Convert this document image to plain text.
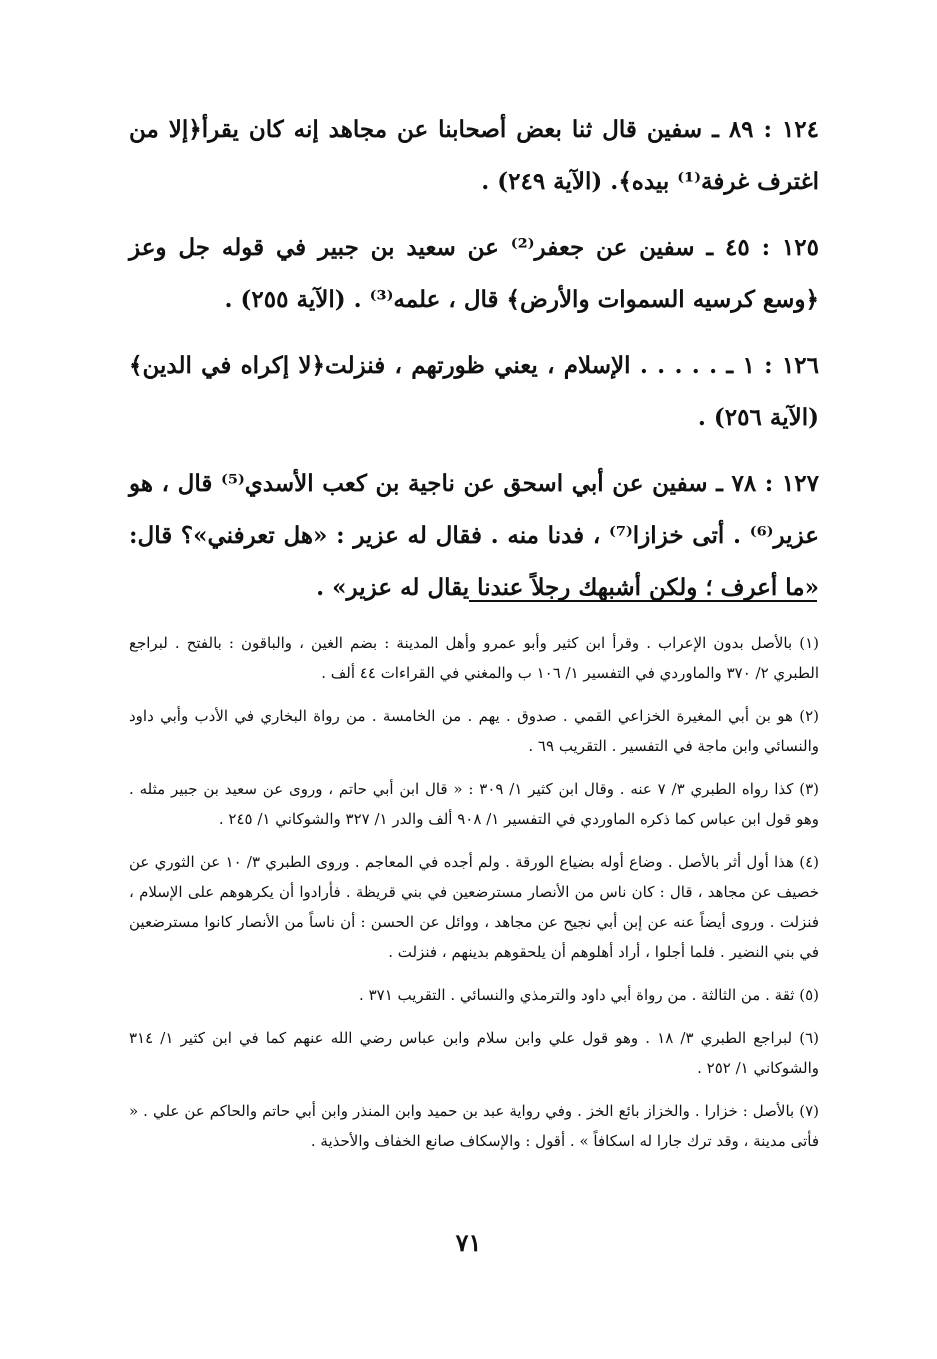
١٢٤ : ٨٩ ـ سفين قال ثنا بعض أصحابنا عن مجاهد إنه كان يقرأ﴿إلا من اغترف غرفة⁽¹⁾ بيده﴾. (الآية ٢٤٩) .

١٢٥ : ٤٥ ـ سفين عن جعفر⁽²⁾ عن سعيد بن جبير في قوله جل وعز ﴿وسع كرسيه السموات والأرض﴾ قال ، علمه⁽³⁾ . (الآية ٢٥٥) .

١٢٦ : ١ ـ . . . . . الإسلام ، يعني ظورتهم ، فنزلت﴿لا إكراه في الدين﴾ (الآية ٢٥٦) .

١٢٧ : ٧٨ ـ سفين عن أبي اسحق عن ناجية بن كعب الأسدي⁽⁵⁾ قال ، هو عزير⁽⁶⁾ . أتى خزازا⁽⁷⁾ ، فدنا منه . فقال له عزير : «هل تعرفني»؟ قال: «ما أعرف ؛ ولكن أشبهك رجلاً عندنا يقال له عزير» .

(١) بالأصل بدون الإعراب . وقرأ ابن كثير وأبو عمرو وأهل المدينة : بضم الغين ، والباقون : بالفتح . لبراجع الطبري ٢/ ٣٧٠ والماوردي في التفسير ١/ ١٠٦ ب والمغني في القراءات ٤٤ ألف .

(٢) هو بن أبي المغيرة الخزاعي القمي . صدوق . يهم . من الخامسة . من رواة البخاري في الأدب وأبي داود والنسائي وابن ماجة في التفسير . التقريب ٦٩ .

(٣) كذا رواه الطبري ٣/ ٧ عنه . وقال ابن كثير ١/ ٣٠٩ : « قال ابن أبي حاتم ، وروى عن سعيد بن جبير مثله . وهو قول ابن عباس كما ذكره الماوردي في التفسير ١/ ٩٠٨ ألف والدر ١/ ٣٢٧ والشوكاني ١/ ٢٤٥ .

(٤) هذا أول أثر بالأصل . وضاع أوله بضياع الورقة . ولم أجده في المعاجم . وروى الطبري ٣/ ١٠ عن الثوري عن خصيف عن مجاهد ، قال : كان ناس من الأنصار مسترضعين في بني قريظة . فأرادوا أن يكرهوهم على الإسلام ، فنزلت . وروى أيضاً عنه عن إبن أبي نجيح عن مجاهد ، ووائل عن الحسن : أن ناساً من الأنصار كانوا مسترضعين في بني النضير . فلما أجلوا ، أراد أهلوهم أن يلحقوهم بدينهم ، فنزلت .

(٥) ثقة . من الثالثة . من رواة أبي داود والترمذي والنسائي . التقريب ٣٧١ .

(٦) لبراجع الطبري ٣/ ١٨ . وهو قول علي وابن سلام وابن عباس رضي الله عنهم كما في ابن كثير ١/ ٣١٤ والشوكاني ١/ ٢٥٢ .

(٧) بالأصل : خزارا . والخزاز بائع الخز . وفي رواية عبد بن حميد وابن المنذر وابن أبي حاتم والحاكم عن علي . « فأتى مدينة ، وقد ترك جارا له اسكافاً » . أقول : والإسكاف صانع الخفاف والأحذية .

٧١
